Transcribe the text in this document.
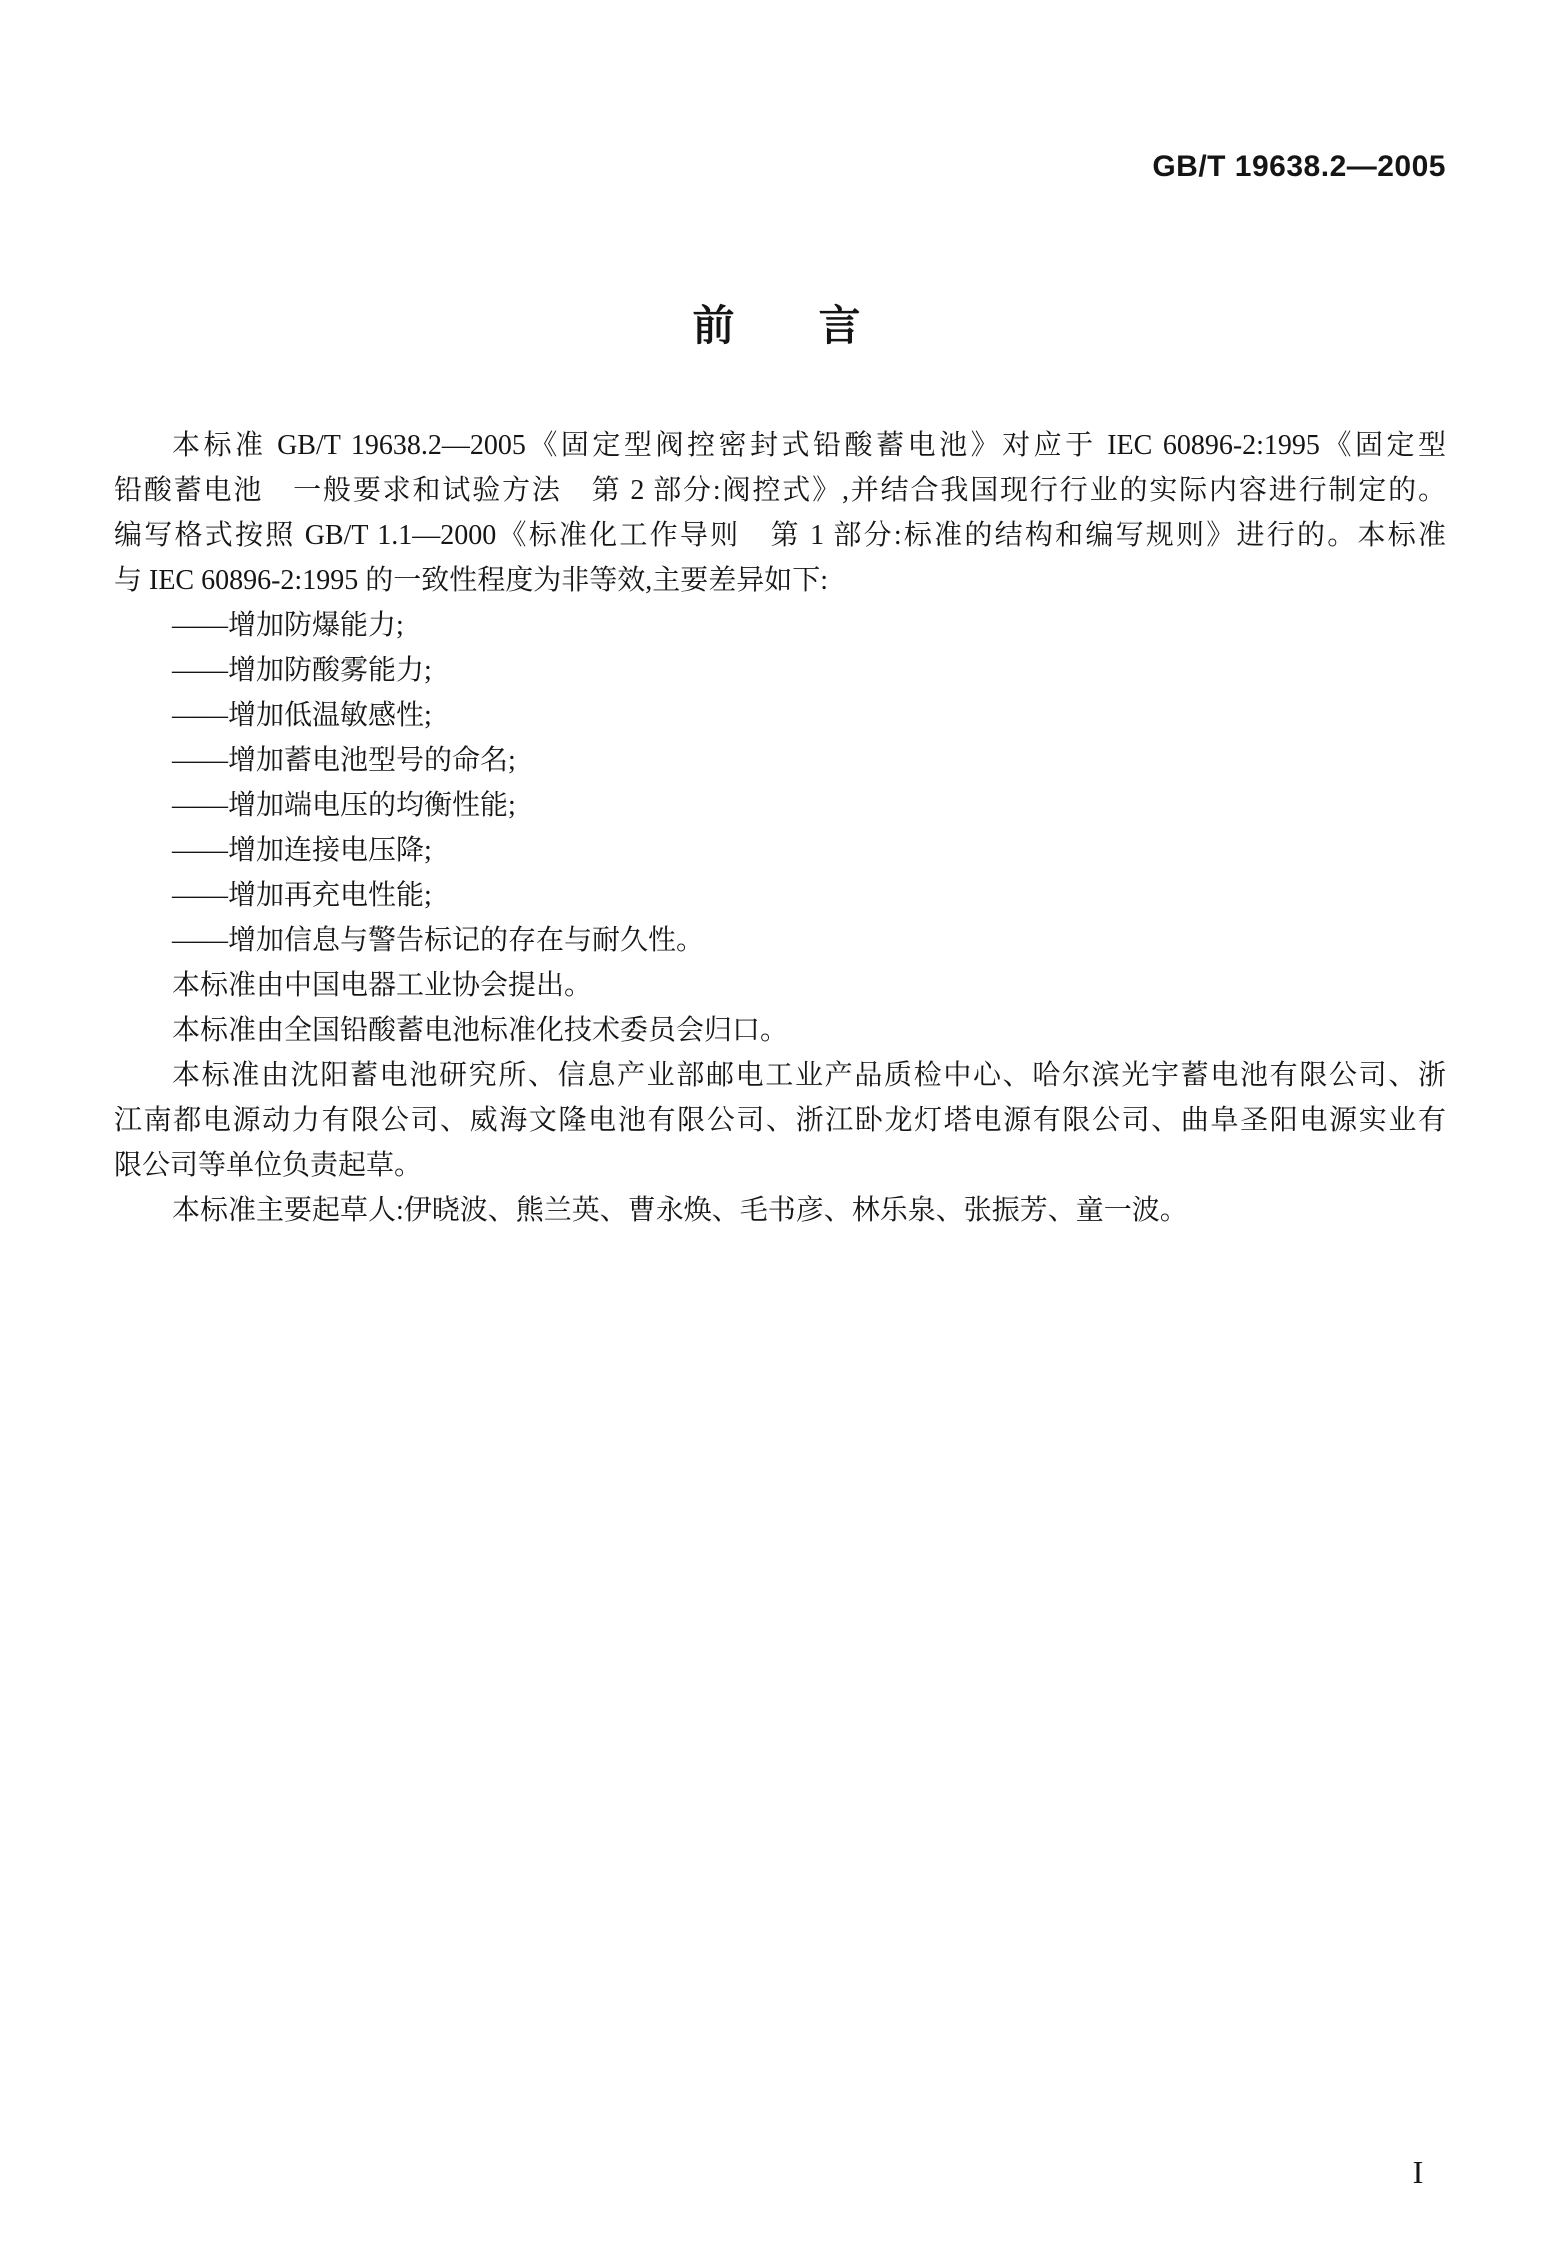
GB/T 19638.2—2005
前　　言
本标准 GB/T 19638.2—2005《固定型阀控密封式铅酸蓄电池》对应于 IEC 60896-2:1995《固定型
铅酸蓄电池　一般要求和试验方法　第 2 部分:阀控式》,并结合我国现行行业的实际内容进行制定的。
编写格式按照 GB/T 1.1—2000《标准化工作导则　第 1 部分:标准的结构和编写规则》进行的。本标准
与 IEC 60896-2:1995 的一致性程度为非等效,主要差异如下:
——增加防爆能力;
——增加防酸雾能力;
——增加低温敏感性;
——增加蓄电池型号的命名;
——增加端电压的均衡性能;
——增加连接电压降;
——增加再充电性能;
——增加信息与警告标记的存在与耐久性。
本标准由中国电器工业协会提出。
本标准由全国铅酸蓄电池标准化技术委员会归口。
本标准由沈阳蓄电池研究所、信息产业部邮电工业产品质检中心、哈尔滨光宇蓄电池有限公司、浙
江南都电源动力有限公司、威海文隆电池有限公司、浙江卧龙灯塔电源有限公司、曲阜圣阳电源实业有
限公司等单位负责起草。
本标准主要起草人:伊晓波、熊兰英、曹永焕、毛书彦、林乐泉、张振芳、童一波。
I
